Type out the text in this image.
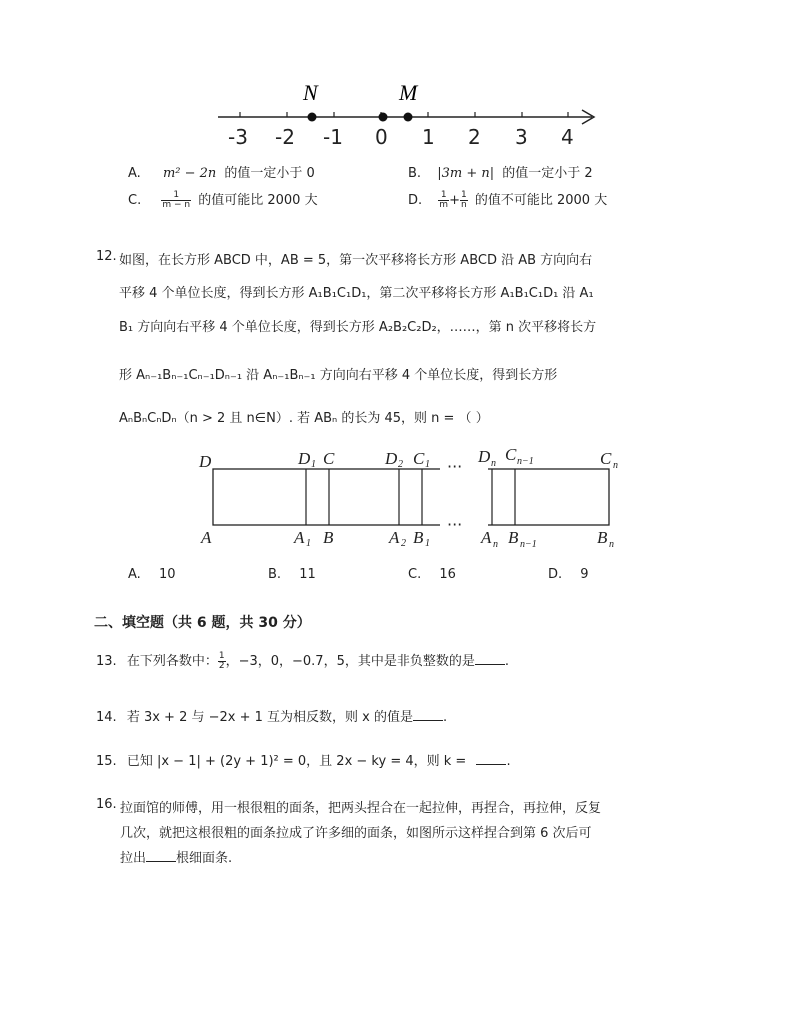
N	M
-3 -2 -1 0 1 2 3 4
A. m² − 2n 的值一定小于 0	B. |3m + n| 的值一定小于 2
C. $\frac{1}{m - n}$ 的值可能比 2000 大	D. $\frac{1}{m} + \frac{1}{n}$ 的值不可能比 2000 大
12. 如图，在长方形 ABCD 中，AB = 5，第一次平移将长方形 ABCD 沿 AB 方向向右
平移 4 个单位长度，得到长方形 A₁B₁C₁D₁，第二次平移将长方形 A₁B₁C₁D₁ 沿 A₁
B₁ 方向向右平移 4 个单位长度，得到长方形 A₂B₂C₂D₂，……，第 n 次平移将长方
形 Aₙ₋₁Bₙ₋₁Cₙ₋₁Dₙ₋₁ 沿 Aₙ₋₁Bₙ₋₁ 方向向右平移 4 个单位长度，得到长方形
AₙBₙCₙDₙ（n > 2 且 n∈N）. 若 ABₙ 的长为 45，则 n = （ ）
···
···
D	D 1 C	D 2 C 1	D n C n−1	C n
A	A 1 B	A 2 B 1	A n B n−1	B n
A. 10	B. 11	C. 16	D. 9
二、填空题（共 6 题，共 30 分）
13. 在下列各数中： $\frac{1}{2}$ ，−3，0，−0.7，5，其中是非负整数的是 .
14. 若 3x + 2 与 −2x + 1 互为相反数，则 x 的值是 .
15. 已知 |x − 1| + (2y + 1)² = 0，且 2x − ky = 4，则 k =	.
16. 拉面馆的师傅，用一根很粗的面条，把两头捏合在一起拉伸，再捏合，再拉伸，反复
几次，就把这根很粗的面条拉成了许多细的面条，如图所示这样捏合到第 6 次后可
拉出 根细面条.
